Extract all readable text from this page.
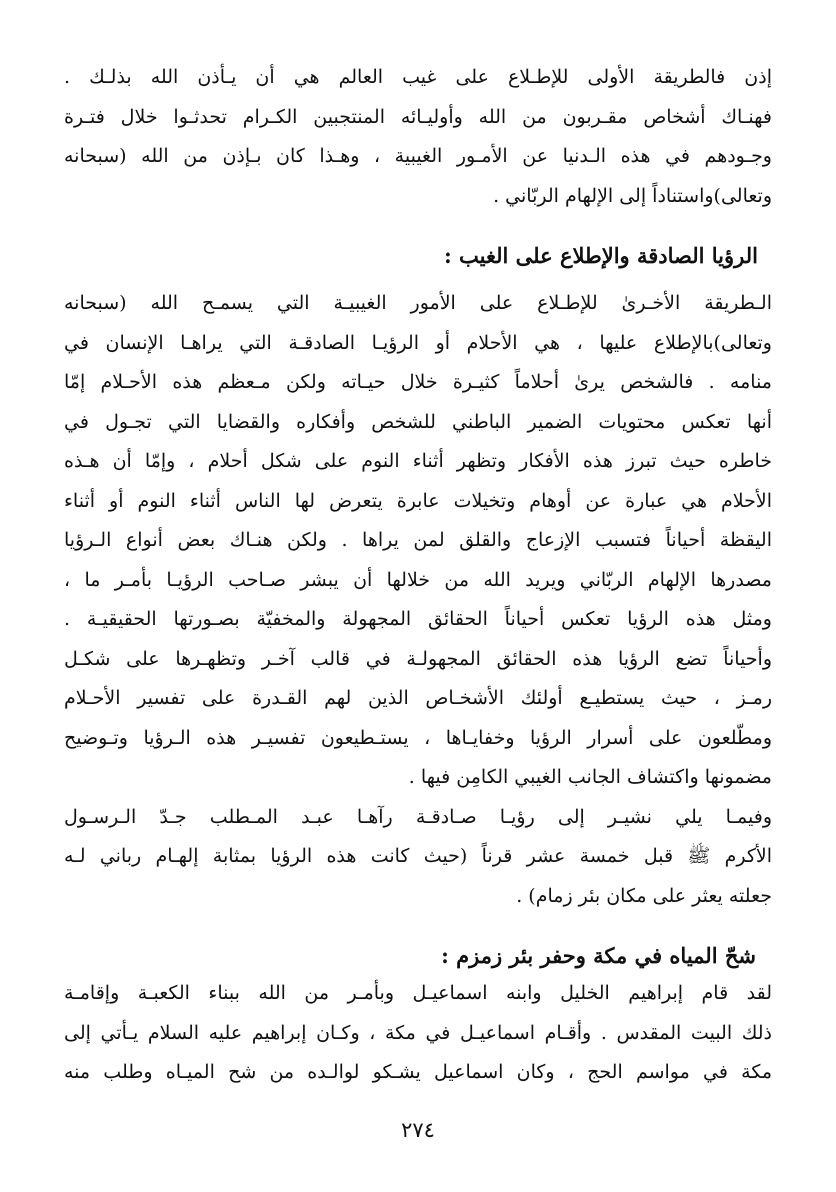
إذن فالطريقة الأولى للإطـلاع على غيب العالم هي أن يـأذن الله بذلـك .
فهنـاك أشخاص مقـربون من الله وأوليـائه المنتجبين الكـرام تحدثـوا خلال فتـرة
وجـودهم في هذه الـدنيا عن الأمـور الغيبية ، وهـذا كان بـإذن من الله (سبحانه
وتعالى)واستناداً إلى الإلهام الربّاني .
الرؤيا الصادقة والإطلاع على الغيب :
الـطريقة الأخـرىٰ للإطـلاع على الأمور الغيبيـة التي يسمـح الله (سبحانه
وتعالى)بالإطلاع عليها ، هي الأحلام أو الرؤيـا الصادقـة التي يراهـا الإنسان في
منامه . فالشخص يرىٰ أحلاماً كثيـرة خلال حيـاته ولكن مـعظم هذه الأحـلام إمّا
أنها تعكس محتويات الضمير الباطني للشخص وأفكاره والقضايا التي تجـول في
خاطره حيث تبرز هذه الأفكار وتظهر أثناء النوم على شكل أحلام ، وإمّا أن هـذه
الأحلام هي عبارة عن أوهام وتخيلات عابرة يتعرض لها الناس أثناء النوم أو أثناء
اليقظة أحياناً فتسبب الإزعاج والقلق لمن يراها . ولكن هنـاك بعض أنواع الـرؤيا
مصدرها الإلهام الربّاني ويريد الله من خلالها أن يبشر صـاحب الرؤيـا بأمـر ما ،
ومثل هذه الرؤيا تعكس أحياناً الحقائق المجهولة والمخفيّة بصـورتها الحقيقيـة .
وأحياناً تضع الرؤيا هذه الحقائق المجهولـة في قالب آخـر وتظهـرها على شكـل
رمـز ، حيث يستطيـع أولئك الأشخـاص الذين لهم القـدرة على تفسير الأحـلام
ومطّلعون على أسرار الرؤيا وخفايـاها ، يستـطيعون تفسيـر هذه الـرؤيا وتـوضيح
مضمونها واكتشاف الجانب الغيبي الكامِن فيها .
وفيمـا يلي نشيـر إلى رؤيـا صـادقـة رآهـا عبـد المـطلب جـدّ الـرسـول
الأكرم ﷺ قبل خمسة عشر قرناً (حيث كانت هذه الرؤيا بمثابة إلهـام رباني لـه
جعلته يعثر على مكان بئر زمام) .
شحّ المياه في مكة وحفر بئر زمزم :
لقد قام إبراهيم الخليل وابنه اسماعيـل وبأمـر من الله ببناء الكعبـة وإقامـة
ذلك البيت المقدس . وأقـام اسماعيـل في مكة ، وكـان إبراهيم عليه السلام يـأتي إلى
مكة في مواسم الحج ، وكان اسماعيل يشـكو لوالـده من شح الميـاه وطلب منه
٢٧٤
